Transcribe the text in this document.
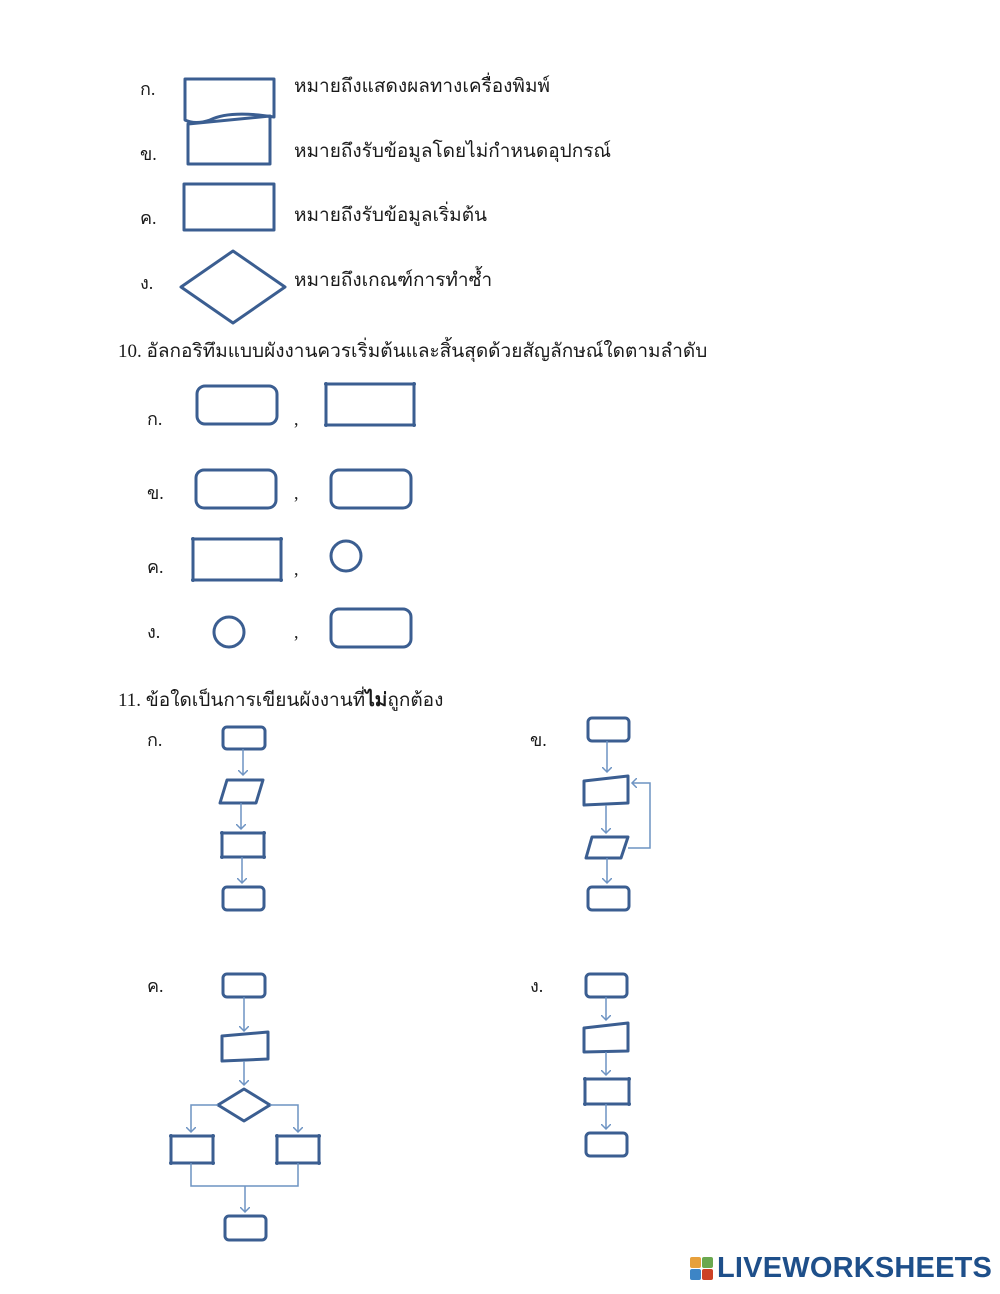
ก.	หมายถึงแสดงผลทางเครื่องพิมพ์
ข.	หมายถึงรับข้อมูลโดยไม่กำหนดอุปกรณ์
ค.	หมายถึงรับข้อมูลเริ่มต้น
ง.	หมายถึงเกณฑ์การทำซ้ำ
10. อัลกอริทึมแบบผังงานควรเริ่มต้นและสิ้นสุดด้วยสัญลักษณ์ใดตามลำดับ
ก.	,
ข.	,
ค.	,
ง.	,
11. ข้อใดเป็นการเขียนผังงานที่ไม่ถูกต้อง
ก.	ข.
ค.	ง.
LIVEWORKSHEETS
